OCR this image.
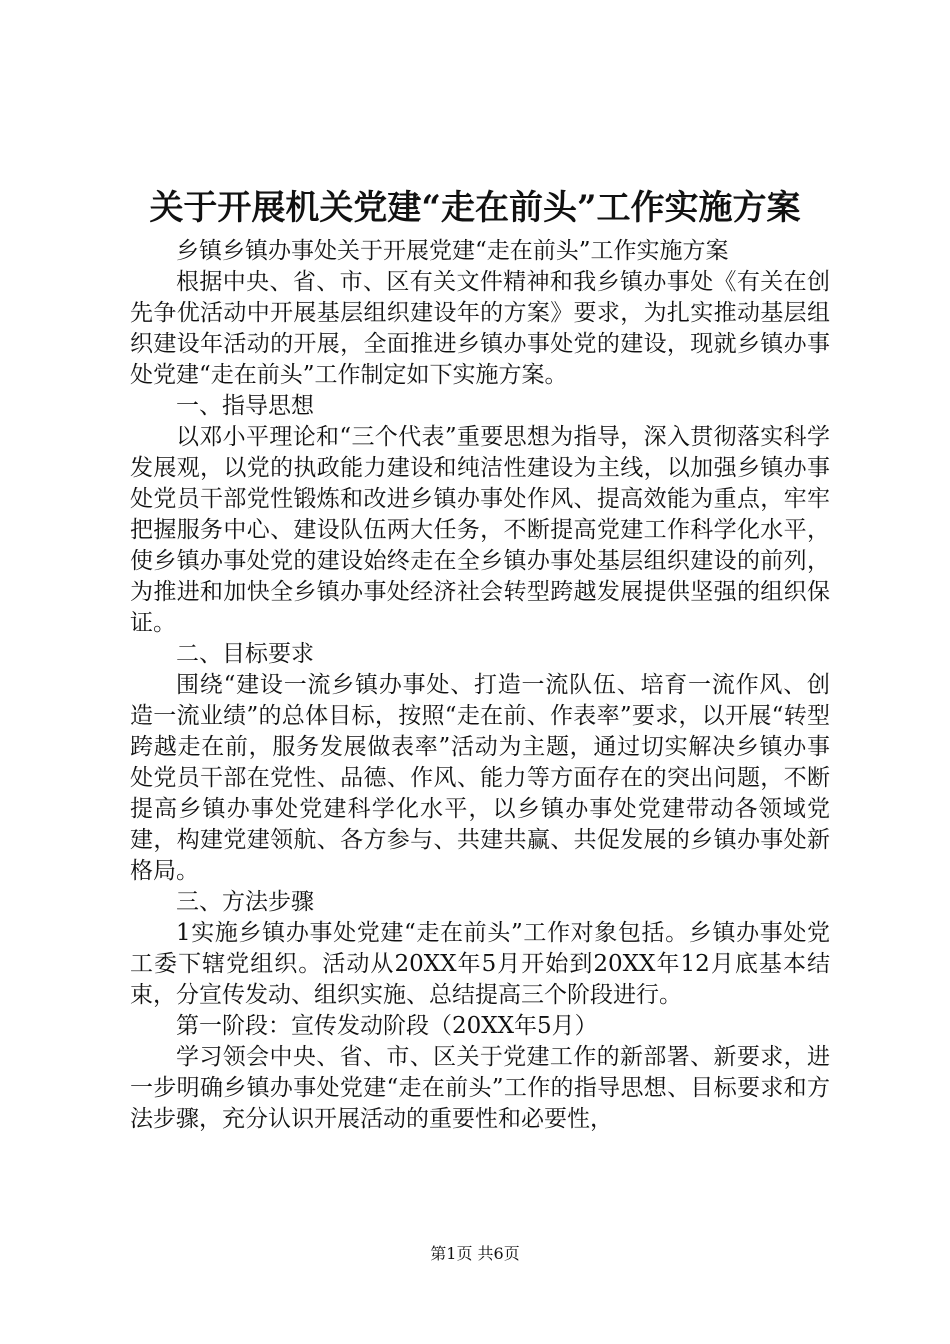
关于开展机关党建“走在前头”工作实施方案

乡镇乡镇办事处关于开展党建“走在前头”工作实施方案

根据中央、省、市、区有关文件精神和我乡镇办事处《有关在创先争优活动中开展基层组织建设年的方案》要求，为扎实推动基层组织建设年活动的开展，全面推进乡镇办事处党的建设，现就乡镇办事处党建“走在前头”工作制定如下实施方案。

一、指导思想

以邓小平理论和“三个代表”重要思想为指导，深入贯彻落实科学发展观，以党的执政能力建设和纯洁性建设为主线，以加强乡镇办事处党员干部党性锻炼和改进乡镇办事处作风、提高效能为重点，牢牢把握服务中心、建设队伍两大任务，不断提高党建工作科学化水平，使乡镇办事处党的建设始终走在全乡镇办事处基层组织建设的前列，为推进和加快全乡镇办事处经济社会转型跨越发展提供坚强的组织保证。

二、目标要求

围绕“建设一流乡镇办事处、打造一流队伍、培育一流作风、创造一流业绩”的总体目标，按照“走在前、作表率”要求，以开展“转型跨越走在前，服务发展做表率”活动为主题，通过切实解决乡镇办事处党员干部在党性、品德、作风、能力等方面存在的突出问题，不断提高乡镇办事处党建科学化水平，以乡镇办事处党建带动各领域党建，构建党建领航、各方参与、共建共赢、共促发展的乡镇办事处新格局。

三、方法步骤

1实施乡镇办事处党建“走在前头”工作对象包括。乡镇办事处党工委下辖党组织。活动从20XX年5月开始到20XX年12月底基本结束，分宣传发动、组织实施、总结提高三个阶段进行。

第一阶段：宣传发动阶段（20XX年5月）

学习领会中央、省、市、区关于党建工作的新部署、新要求，进一步明确乡镇办事处党建“走在前头”工作的指导思想、目标要求和方法步骤，充分认识开展活动的重要性和必要性，

第1页 共6页
